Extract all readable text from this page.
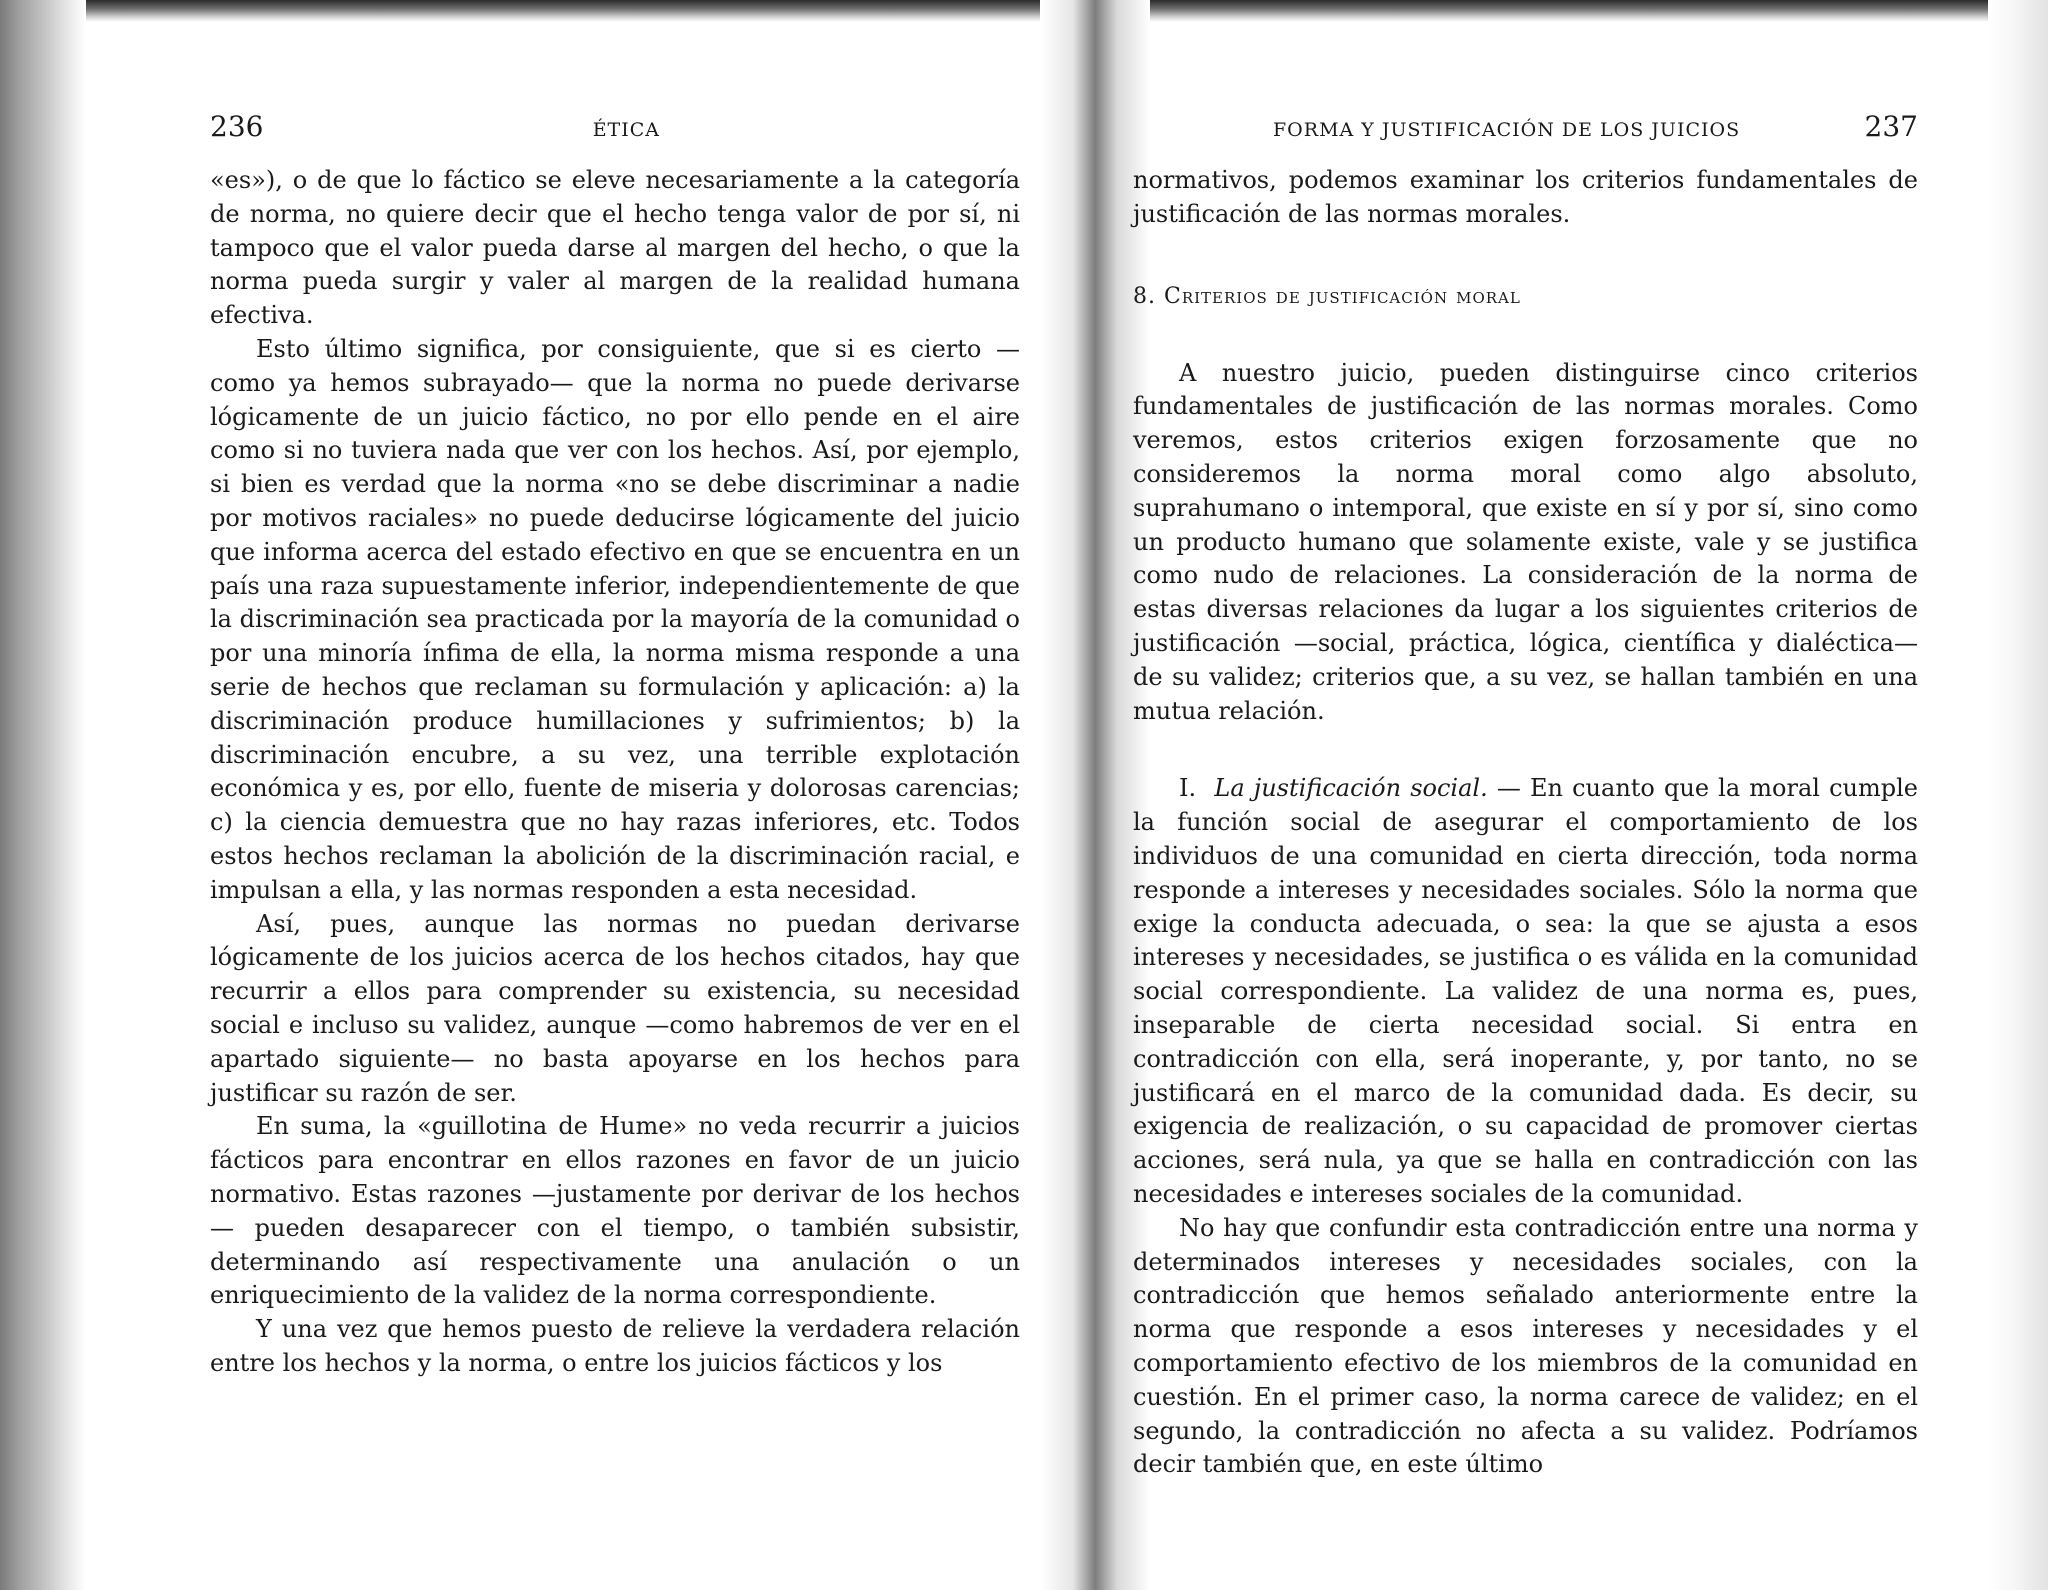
236	ÉTICA

«es»), o de que lo fáctico se eleve necesariamente a la categoría de norma, no quiere decir que el hecho tenga valor de por sí, ni tampoco que el valor pueda darse al margen del hecho, o que la norma pueda surgir y valer al margen de la realidad humana efectiva.

Esto último significa, por consiguiente, que si es cierto —como ya hemos subrayado— que la norma no puede derivarse lógicamente de un juicio fáctico, no por ello pende en el aire como si no tuviera nada que ver con los hechos. Así, por ejemplo, si bien es verdad que la norma «no se debe discriminar a nadie por motivos raciales» no puede deducirse lógicamente del juicio que informa acerca del estado efectivo en que se encuentra en un país una raza supuestamente inferior, independientemente de que la discriminación sea practicada por la mayoría de la comunidad o por una minoría ínfima de ella, la norma misma responde a una serie de hechos que reclaman su formulación y aplicación: a) la discriminación produce humillaciones y sufrimientos; b) la discriminación encubre, a su vez, una terrible explotación económica y es, por ello, fuente de miseria y dolorosas carencias; c) la ciencia demuestra que no hay razas inferiores, etc. Todos estos hechos reclaman la abolición de la discriminación racial, e impulsan a ella, y las normas responden a esta necesidad.

Así, pues, aunque las normas no puedan derivarse lógicamente de los juicios acerca de los hechos citados, hay que recurrir a ellos para comprender su existencia, su necesidad social e incluso su validez, aunque —como habremos de ver en el apartado siguiente— no basta apoyarse en los hechos para justificar su razón de ser.

En suma, la «guillotina de Hume» no veda recurrir a juicios fácticos para encontrar en ellos razones en favor de un juicio normativo. Estas razones —justamente por derivar de los hechos— pueden desaparecer con el tiempo, o también subsistir, determinando así respectivamente una anulación o un enriquecimiento de la validez de la norma correspondiente.

Y una vez que hemos puesto de relieve la verdadera relación entre los hechos y la norma, o entre los juicios fácticos y los

FORMA Y JUSTIFICACIÓN DE LOS JUICIOS	237

normativos, podemos examinar los criterios fundamentales de justificación de las normas morales.

8. Criterios de justificación moral

A nuestro juicio, pueden distinguirse cinco criterios fundamentales de justificación de las normas morales. Como veremos, estos criterios exigen forzosamente que no consideremos la norma moral como algo absoluto, suprahumano o intemporal, que existe en sí y por sí, sino como un producto humano que solamente existe, vale y se justifica como nudo de relaciones. La consideración de la norma de estas diversas relaciones da lugar a los siguientes criterios de justificación —social, práctica, lógica, científica y dialéctica— de su validez; criterios que, a su vez, se hallan también en una mutua relación.

I. La justificación social. — En cuanto que la moral cumple la función social de asegurar el comportamiento de los individuos de una comunidad en cierta dirección, toda norma responde a intereses y necesidades sociales. Sólo la norma que exige la conducta adecuada, o sea: la que se ajusta a esos intereses y necesidades, se justifica o es válida en la comunidad social correspondiente. La validez de una norma es, pues, inseparable de cierta necesidad social. Si entra en contradicción con ella, será inoperante, y, por tanto, no se justificará en el marco de la comunidad dada. Es decir, su exigencia de realización, o su capacidad de promover ciertas acciones, será nula, ya que se halla en contradicción con las necesidades e intereses sociales de la comunidad.

No hay que confundir esta contradicción entre una norma y determinados intereses y necesidades sociales, con la contradicción que hemos señalado anteriormente entre la norma que responde a esos intereses y necesidades y el comportamiento efectivo de los miembros de la comunidad en cuestión. En el primer caso, la norma carece de validez; en el segundo, la contradicción no afecta a su validez. Podríamos decir también que, en este último
